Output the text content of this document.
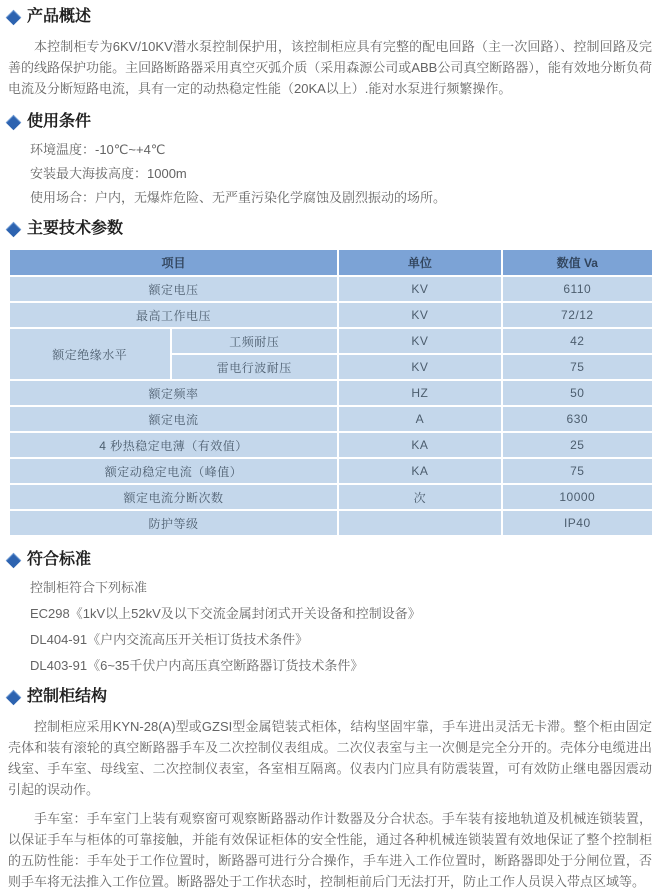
产品概述

本控制柜专为6KV/10KV潜水泵控制保护用，该控制柜应具有完整的配电回路（主一次回路）、控制回路及完善的线路保护功能。主回路断路器采用真空灭弧介质（采用森源公司或ABB公司真空断路器），能有效地分断负荷电流及分断短路电流，具有一定的动热稳定性能（20KA以上）.能对水泵进行频繁操作。

使用条件

环境温度：-10℃~+4℃

安装最大海拔高度：1000m

使用场合：户内，无爆炸危险、无严重污染化学腐蚀及剧烈振动的场所。

主要技术参数
项目		单位	数值 Va
额定电压		KV	6110
最高工作电压		KV	72/12
额定绝缘水平	工频耐压	KV	42
	雷电行波耐压	KV	75
额定频率		HZ	50
额定电流		A	630
4 秒热稳定电薄（有效值）		KA	25
额定动稳定电流（峰值）		KA	75
额定电流分断次数		次	10000
防护等级			IP40
符合标准

控制柜符合下列标准

EC298《1kV以上52kV及以下交流金属封闭式开关设备和控制设备》

DL404-91《户内交流高压开关柜订货技术条件》

DL403-91《6~35千伏户内高压真空断路器订货技术条件》

控制柜结构

控制柜应采用KYN-28(A)型或GZSI型金属铠装式柜体，结构坚固牢靠，手车进出灵活无卡滞。整个柜由固定壳体和装有滚轮的真空断路器手车及二次控制仪表组成。二次仪表室与主一次侧是完全分开的。壳体分电缆进出线室、手车室、母线室、二次控制仪表室，各室相互隔离。仪表内门应具有防震装置，可有效防止继电器因震动引起的误动作。

手车室：手车室门上装有观察窗可观察断路器动作计数器及分合状态。手车装有接地轨道及机械连锁装置，以保证手车与柜体的可靠接触，并能有效保证柜体的安全性能，通过各种机械连锁装置有效地保证了整个控制柜的五防性能：手车处于工作位置时，断路器可进行分合操作，手车进入工作位置时，断路器即处于分闸位置，否则手车将无法推入工作位置。断路器处于工作状态时，控制柜前后门无法打开，防止工作人员误入带点区域等。
